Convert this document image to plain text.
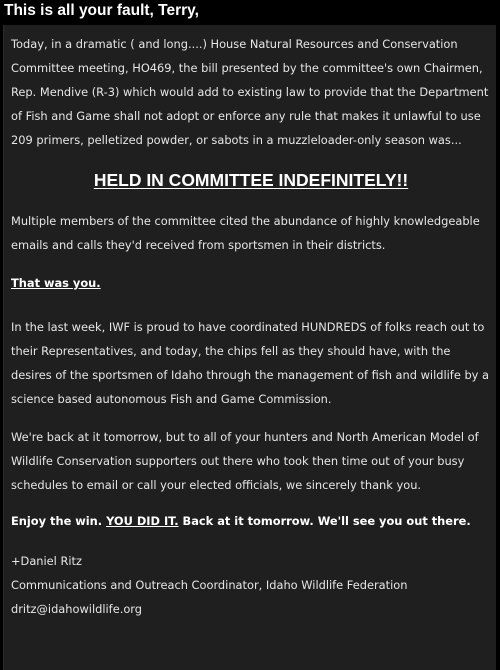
This is all your fault, Terry,

Today, in a dramatic ( and long....) House Natural Resources and Conservation Committee meeting, HO469, the bill presented by the committee's own Chairmen, Rep. Mendive (R-3) which would add to existing law to provide that the Department of Fish and Game shall not adopt or enforce any rule that makes it unlawful to use 209 primers, pelletized powder, or sabots in a muzzleloader-only season was...

HELD IN COMMITTEE INDEFINITELY!!

Multiple members of the committee cited the abundance of highly knowledgeable emails and calls they'd received from sportsmen in their districts.

That was you.

In the last week, IWF is proud to have coordinated HUNDREDS of folks reach out to their Representatives, and today, the chips fell as they should have, with the desires of the sportsmen of Idaho through the management of fish and wildlife by a science based autonomous Fish and Game Commission.

We're back at it tomorrow, but to all of your hunters and North American Model of Wildlife Conservation supporters out there who took then time out of your busy schedules to email or call your elected officials, we sincerely thank you.

Enjoy the win. YOU DID IT. Back at it tomorrow. We'll see you out there.

+Daniel Ritz
Communications and Outreach Coordinator, Idaho Wildlife Federation
dritz@idahowildlife.org
